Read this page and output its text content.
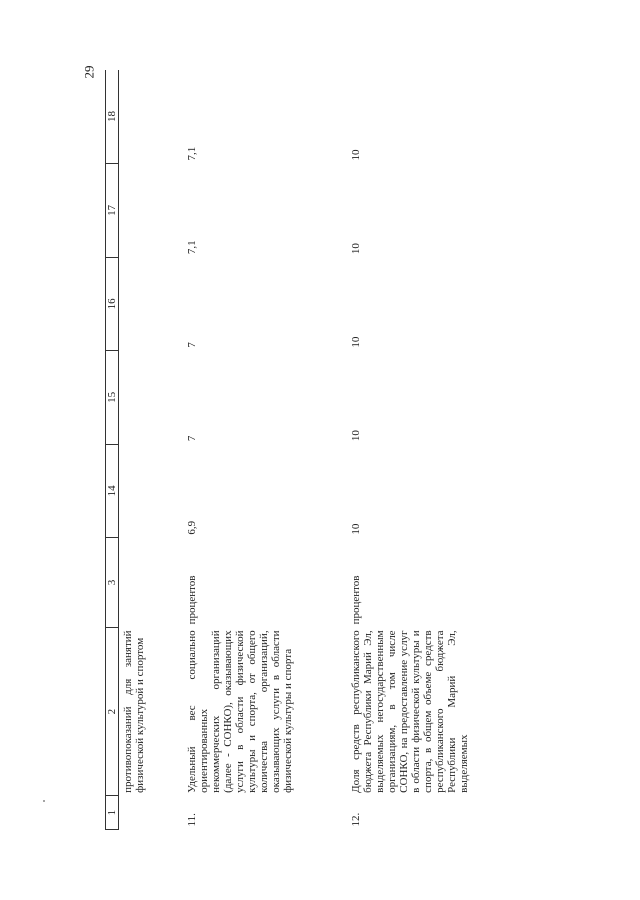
29
1	2	3	14	15	16	17	18
	противопоказаний для занятий физической культурой и спортом						
11.	Удельный вес социально ориентированных некоммерческих организаций (далее - СОНКО), оказывающих услуги в области физической культуры и спорта, от общего количества организаций, оказывающих услуги в области физической культуры и спорта	процентов	6,9	7	7	7,1	7,1
12.	Доля средств республиканского бюджета Республики Марий Эл, выделяемых негосударственным организациям, в том числе СОНКО, на предоставление услуг в области физической культуры и спорта, в общем объеме средств республиканского бюджета Республики Марий Эл, выделяемых	процентов	10	10	10	10	10
